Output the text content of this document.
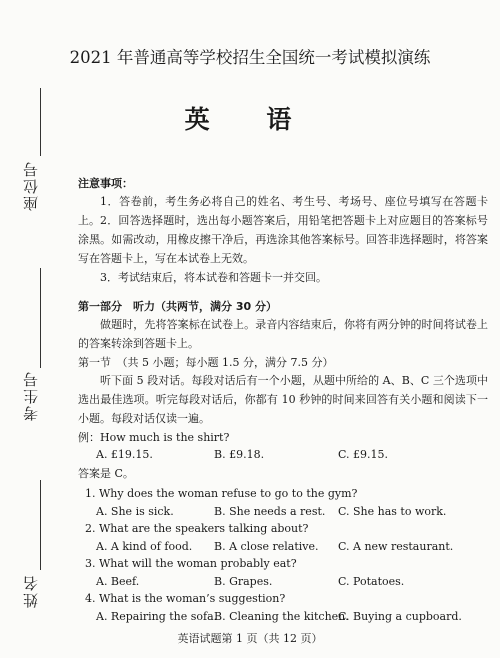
座位号
考生号
姓名
2021 年普通高等学校招生全国统一考试模拟演练
英 语
注意事项：
1．答卷前，考生务必将自己的姓名、考生号、考场号、座位号填写在答题卡上。 2．回答选择题时，选出每小题答案后，用铅笔把答题卡上对应题目的答案标号涂黑。如需改动，用橡皮擦干净后，再选涂其他答案标号。回答非选择题时，将答案写在答题卡上，写在本试卷上无效。
3．考试结束后，将本试卷和答题卡一并交回。
第一部分　听力（共两节，满分 30 分）
做题时，先将答案标在试卷上。录音内容结束后，你将有两分钟的时间将试卷上的答案转涂到答题卡上。
第一节　（共 5 小题；每小题 1.5 分，满分 7.5 分）
听下面 5 段对话。每段对话后有一个小题，从题中所给的 A、B、C 三个选项中选出最佳选项。听完每段对话后，你都有 10 秒钟的时间来回答有关小题和阅读下一小题。每段对话仅读一遍。
例：How much is the shirt?
A. £19.15.	B. £9.18.	C. £9.15.
答案是 C。
1. Why does the woman refuse to go to the gym?
A. She is sick.	B. She needs a rest. C. She has to work.
2. What are the speakers talking about?
A. A kind of food. B. A close relative. C. A new restaurant.
3. What will the woman probably eat?
A. Beef.	B. Grapes.	C. Potatoes.
4. What is the woman’s suggestion?
A. Repairing the sofa.
B. Cleaning the kitchen.
C. Buying a cupboard.
英语试题第 1 页（共 12 页）
